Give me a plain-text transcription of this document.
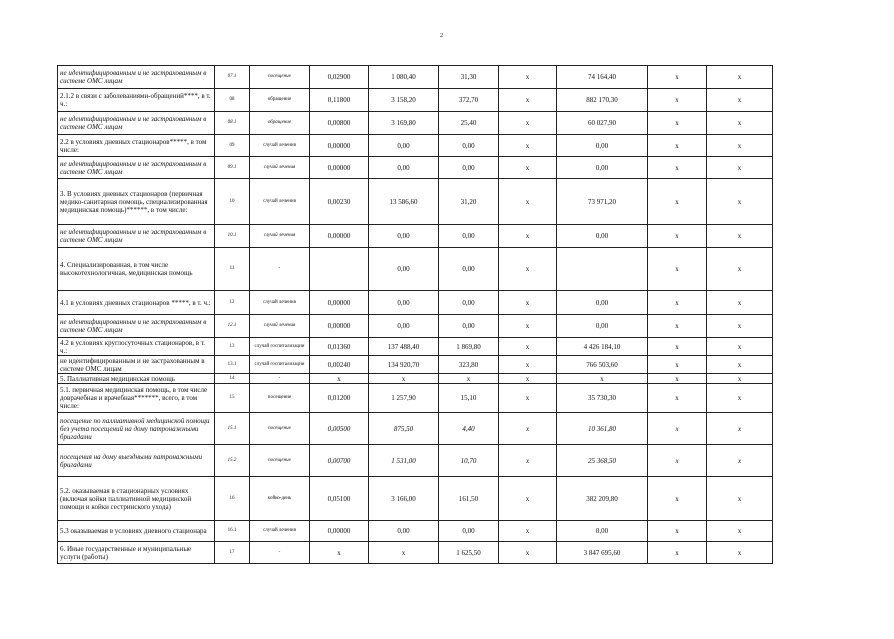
2
не идентифицированным и не застрахованным в системе ОМС лицам	07.1	посещение	0,02900	1 080,40	31,30	x	74 164,40	x	x
2.1.2 в связи с заболеваниями-обращений****, в т. ч.:	08	обращение	0,11800	3 158,20	372,70	x	882 170,30	x	x
не идентифицированным и не застрахованным в системе ОМС лицам	08.1	обращение	0,00800	3 169,80	25,40	x	60 027,90	x	x
2.2 в условиях дневных стационаров*****, в том числе:	09	случай лечения	0,00000	0,00	0,00	x	0,00	x	x
не идентифицированным и не застрахованным в системе ОМС лицам	09.1	случай лечения	0,00000	0,00	0,00	x	0,00	x	x
3. В условиях дневных стационаров (первичная медико-санитарная помощь, специализированная медицинская помощь)******, в том числе:	10	случай лечения	0,00230	13 586,60	31,20	x	73 971,20	x	x
не идентифицированным и не застрахованным в системе ОМС лицам	10.1	случай лечения	0,00000	0,00	0,00	x	0,00	x	x
4. Специализированная, в том числе высокотехнологичная, медицинская помощь	11	-		0,00	0,00	x		x	x
4.1 в условиях дневных стационаров *****, в т. ч.:	12	случай лечения	0,00000	0,00	0,00	x	0,00	x	x
не идентифицированным и не застрахованным в системе ОМС лицам	12.1	случай лечения	0,00000	0,00	0,00	x	0,00	x	x
4.2 в условиях круглосуточных стационаров, в т. ч.:	13	случай госпитализации	0,01360	137 488,40	1 869,80	x	4 426 184,10	x	x
не идентифицированным и не застрахованным в системе ОМС лицам	13.1	случай госпитализации	0,00240	134 920,70	323,80	x	766 503,60	x	x
5. Паллиативная медицинская помощь	14	-	x	x	x	x	x	x	x
5.1. первичная медицинская помощь, в том числе доврачебная и врачебная*******, всего, в том числе:	15	посещение	0,01200	1 257,90	15,10	x	35 730,30	x	x
посещение по паллиативной медицинской помощи без учета посещений на дому патронажными бригадами	15.1	посещение	0,00500	875,50	4,40	x	10 361,80	x	x
посещения на дому выездными патронажными бригадами	15.2	посещение	0,00700	1 531,00	10,70	x	25 368,50	x	x
5.2. оказываемая в стационарных условиях (включая койки паллиативной медицинской помощи и койки сестринского ухода)	16	койко-день	0,05100	3 166,00	161,50	x	382 209,80	x	x
5.3 оказываемая в условиях дневного стационара	16.1	случай лечения	0,00000	0,00	0,00	x	0,00	x	x
6. Иные государственные и муниципальные услуги (работы)	17	-	x	x	1 625,50	x	3 847 695,60	x	x
